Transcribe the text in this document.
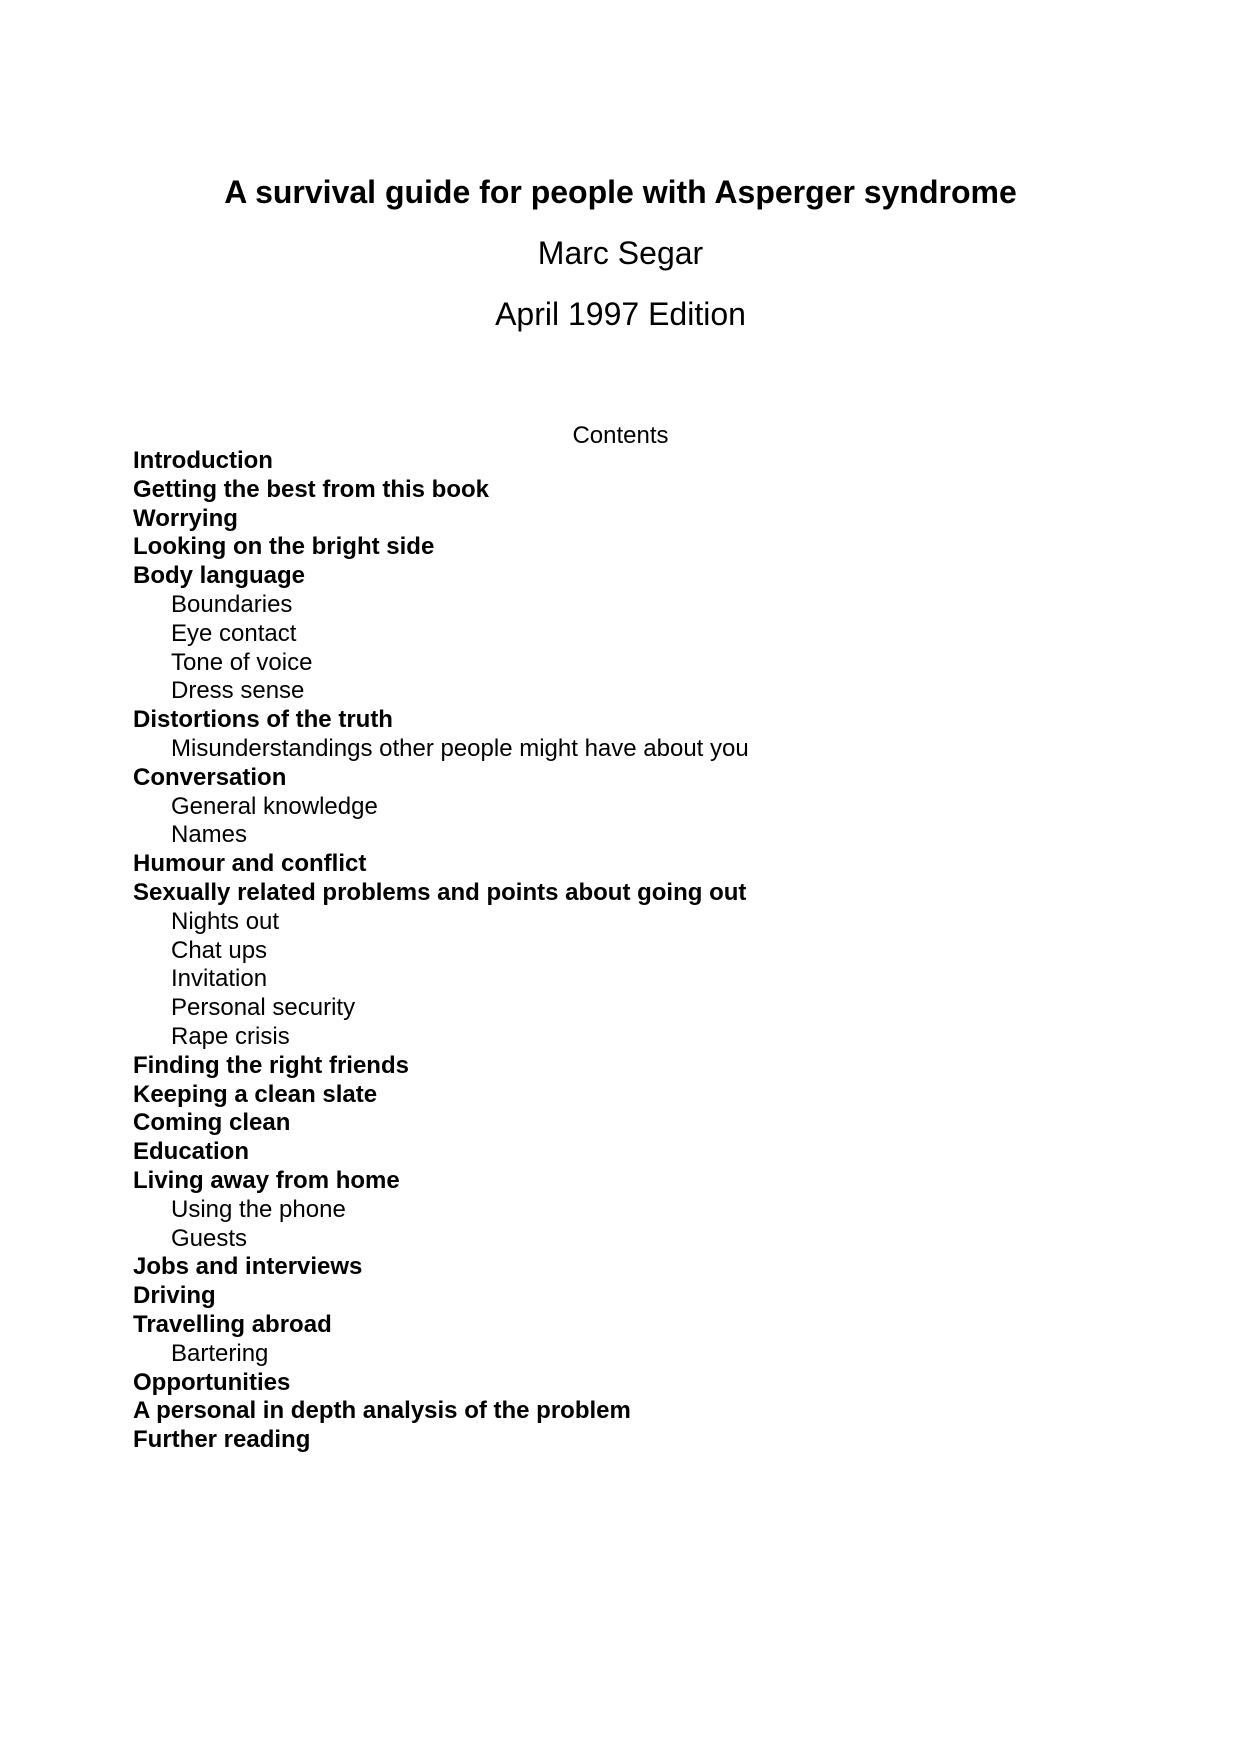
A survival guide for people with Asperger syndrome
Marc Segar
April 1997 Edition
Contents
Introduction
Getting the best from this book
Worrying
Looking on the bright side
Body language
Boundaries
Eye contact
Tone of voice
Dress sense
Distortions of the truth
Misunderstandings other people might have about you
Conversation
General knowledge
Names
Humour and conflict
Sexually related problems and points about going out
Nights out
Chat ups
Invitation
Personal security
Rape crisis
Finding the right friends
Keeping a clean slate
Coming clean
Education
Living away from home
Using the phone
Guests
Jobs and interviews
Driving
Travelling abroad
Bartering
Opportunities
A personal in depth analysis of the problem
Further reading
